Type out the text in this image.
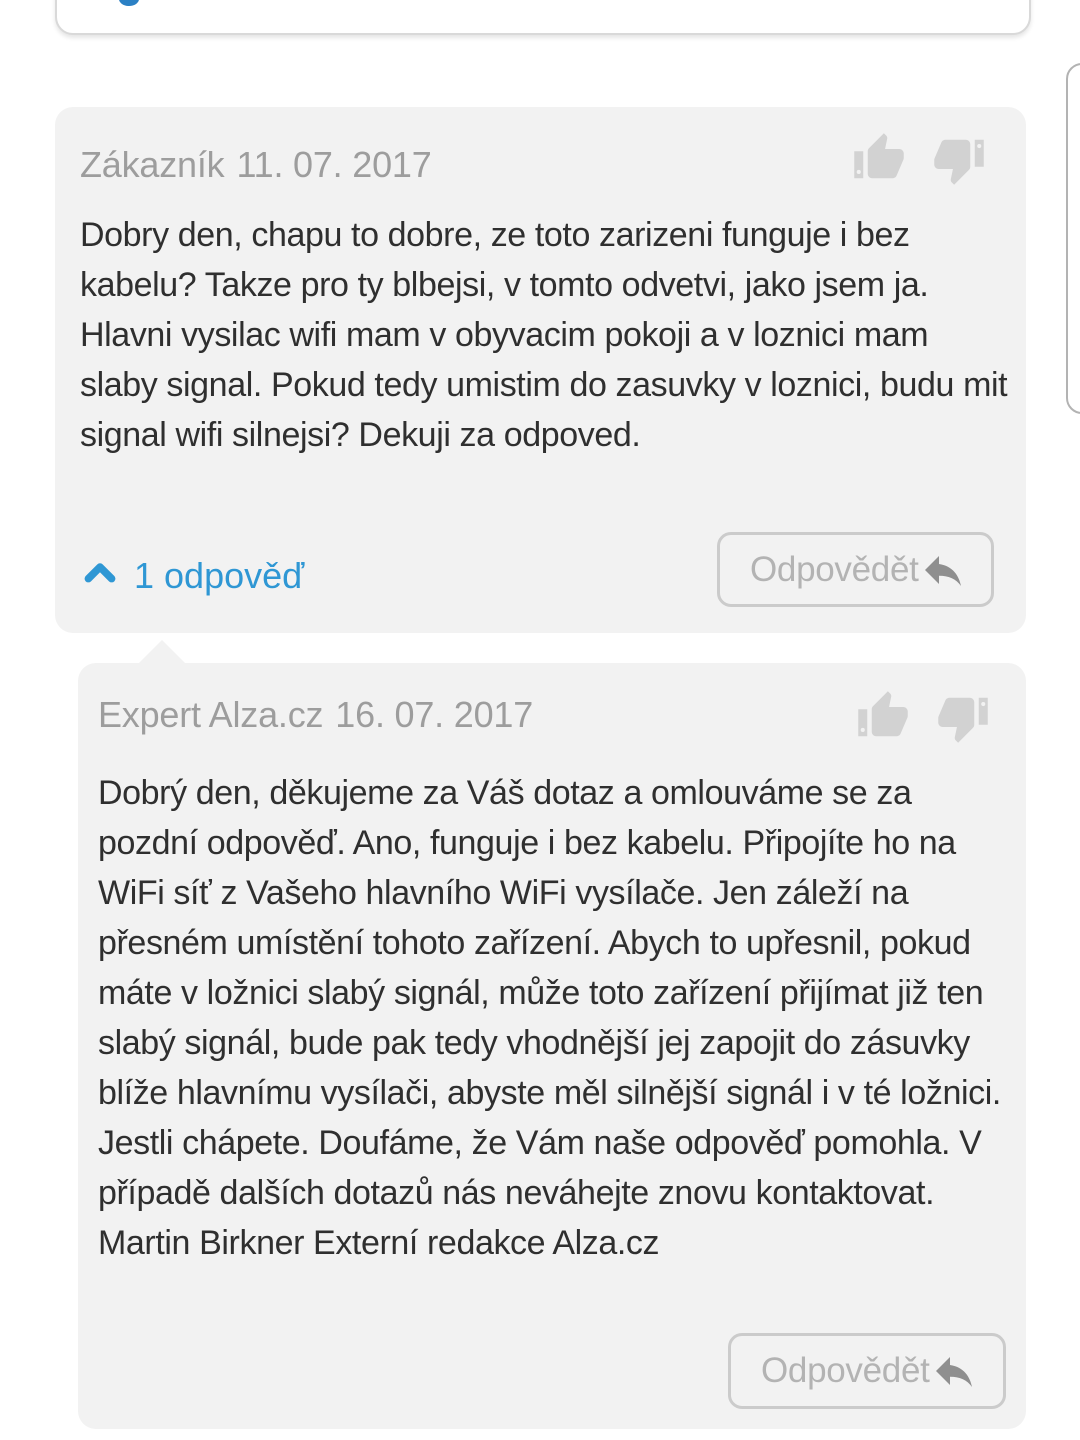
Zákazník 11. 07. 2017
Dobry den, chapu to dobre, ze toto zarizeni funguje i bez kabelu? Takze pro ty blbejsi, v tomto odvetvi, jako jsem ja. Hlavni vysilac wifi mam v obyvacim pokoji a v loznici mam slaby signal. Pokud tedy umistim do zasuvky v loznici, budu mit signal wifi silnejsi? Dekuji za odpoved.
1 odpověď	Odpovědět
Expert Alza.cz 16. 07. 2017
Dobrý den, děkujeme za Váš dotaz a omlouváme se za pozdní odpověď. Ano, funguje i bez kabelu. Připojíte ho na WiFi síť z Vašeho hlavního WiFi vysílače. Jen záleží na přesném umístění tohoto zařízení. Abych to upřesnil, pokud máte v ložnici slabý signál, může toto zařízení přijímat již ten slabý signál, bude pak tedy vhodnější jej zapojit do zásuvky blíže hlavnímu vysílači, abyste měl silnější signál i v té ložnici. Jestli chápete. Doufáme, že Vám naše odpověď pomohla. V případě dalších dotazů nás neváhejte znovu kontaktovat. Martin Birkner Externí redakce Alza.cz
Odpovědět
